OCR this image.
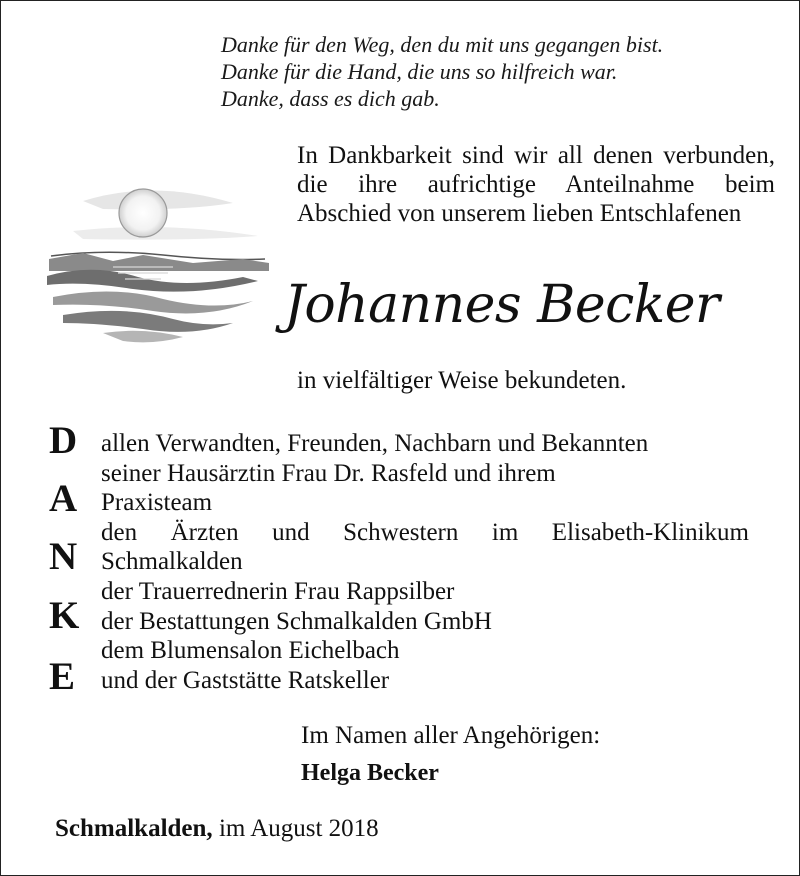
Danke für den Weg, den du mit uns gegangen bist.
Danke für die Hand, die uns so hilfreich war.
Danke, dass es dich gab.
In Dankbarkeit sind wir all denen verbunden, die ihre aufrichtige Anteilnahme beim Abschied von unserem lieben Entschlafenen
Johannes Becker
in vielfältiger Weise bekundeten.
D
A
N
K
E
allen Verwandten, Freunden, Nachbarn und Bekannten
seiner Hausärztin Frau Dr. Rasfeld und ihrem
Praxisteam
den Ärzten und Schwestern im Elisabeth-Klinikum
Schmalkalden
der Trauerrednerin Frau Rappsilber
der Bestattungen Schmalkalden GmbH
dem Blumensalon Eichelbach
und der Gaststätte Ratskeller
Im Namen aller Angehörigen:
Helga Becker
Schmalkalden, im August 2018
